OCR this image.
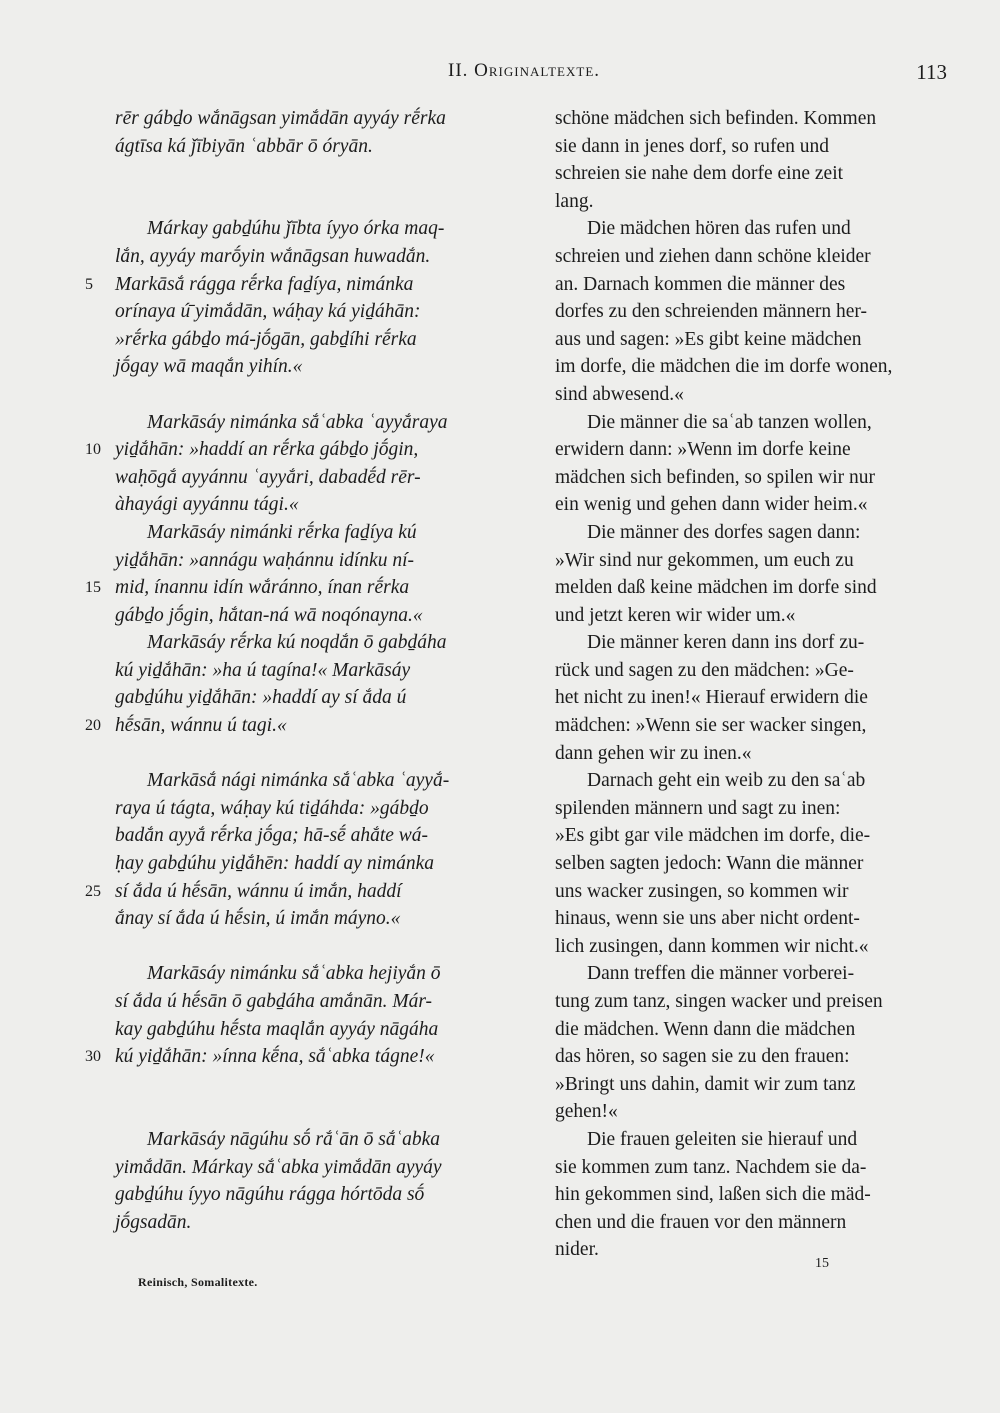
II. Originaltexte.	113
rēr gábḏo wắnāgsan yimắdān ayyáy rḗrka
ágtīsa ká ǰībiyān ʿabbār ō óryān.
Márkay gabḏúhu ǰībta íyyo órka maq-
lắn, ayyáy marṓyin wắnāgsan huwadắn.
5	Markāsắ rágga rḗrka faḏíya, nimánka
orínaya ú̄ yimắdān, wáḥay ká yiḏáhān:
»rḗrka gábḏo má-jṓgān, gabḏíhi rḗrka
jṓgay wā maqắn yihín.«
Markāsáy nimánka sắʿabka ʿayyắraya
10 yiḏắhān: »haddí an rḗrka gábḏo jṓgin,
waḥōgắ ayyánnu ʿayyắri, dabadḗd rēr-
àhayági ayyánnu tági.«
Markāsáy nimánki rḗrka faḏíya kú
yiḏắhān: »annágu waḥánnu idínku ní-
15 mid, ínannu idín wắránno, ínan rḗrka
gábḏo jṓgin, hắtan-ná wā noqónayna.«
Markāsáy rḗrka kú noqdắn ō gabḏáha
kú yiḏắhān: »ha ú tagína!« Markāsáy
gabḏúhu yiḏắhān: »haddí ay sí ắda ú
20 hḗsān, wánnu ú tagi.«
Markāsắ nági nimánka sắʿabka ʿayyắ-
raya ú tágta, wáḥay kú tiḏáhda: »gábḏo
badắn ayyắ rḗrka jṓga; hā-sḗ ahắte wá-
ḥay gabḏúhu yiḏắhēn: haddí ay nimánka
25 sí ắda ú hḗsān, wánnu ú imắn, haddí
ắnay sí ắda ú hḗsin, ú imắn máyno.«
Markāsáy nimánku sắʿabka hejiyắn ō
sí ắda ú hḗsān ō gabḏáha amắnān. Már-
kay gabḏúhu hḗsta maqlắn ayyáy nāgáha
30 kú yiḏắhān: »ínna kḗna, sắʿabka tágne!«
Markāsáy nāgúhu sṓ rắʿān ō sắʿabka
yimắdān. Márkay sắʿabka yimắdān ayyáy
gabḏúhu íyyo nāgúhu rágga hórtōda sṓ
jṓgsadān.
schöne mädchen sich befinden. Kommen
sie dann in jenes dorf, so rufen und
schreien sie nahe dem dorfe eine zeit
lang.
Die mädchen hören das rufen und
schreien und ziehen dann schöne kleider
an. Darnach kommen die männer des
dorfes zu den schreienden männern her-
aus und sagen: »Es gibt keine mädchen
im dorfe, die mädchen die im dorfe wonen,
sind abwesend.«
Die männer die saʿab tanzen wollen,
erwidern dann: »Wenn im dorfe keine
mädchen sich befinden, so spilen wir nur
ein wenig und gehen dann wider heim.«
Die männer des dorfes sagen dann:
»Wir sind nur gekommen, um euch zu
melden daß keine mädchen im dorfe sind
und jetzt keren wir wider um.«
Die männer keren dann ins dorf zu-
rück und sagen zu den mädchen: »Ge-
het nicht zu inen!« Hierauf erwidern die
mädchen: »Wenn sie ser wacker singen,
dann gehen wir zu inen.«
Darnach geht ein weib zu den saʿab
spilenden männern und sagt zu inen:
»Es gibt gar vile mädchen im dorfe, die-
selben sagten jedoch: Wann die männer
uns wacker zusingen, so kommen wir
hinaus, wenn sie uns aber nicht ordent-
lich zusingen, dann kommen wir nicht.«
Dann treffen die männer vorberei-
tung zum tanz, singen wacker und preisen
die mädchen. Wenn dann die mädchen
das hören, so sagen sie zu den frauen:
»Bringt uns dahin, damit wir zum tanz
gehen!«
Die frauen geleiten sie hierauf und
sie kommen zum tanz. Nachdem sie da-
hin gekommen sind, laßen sich die mäd-
chen und die frauen vor den männern
nider.
Reinisch, Somalitexte.
15
